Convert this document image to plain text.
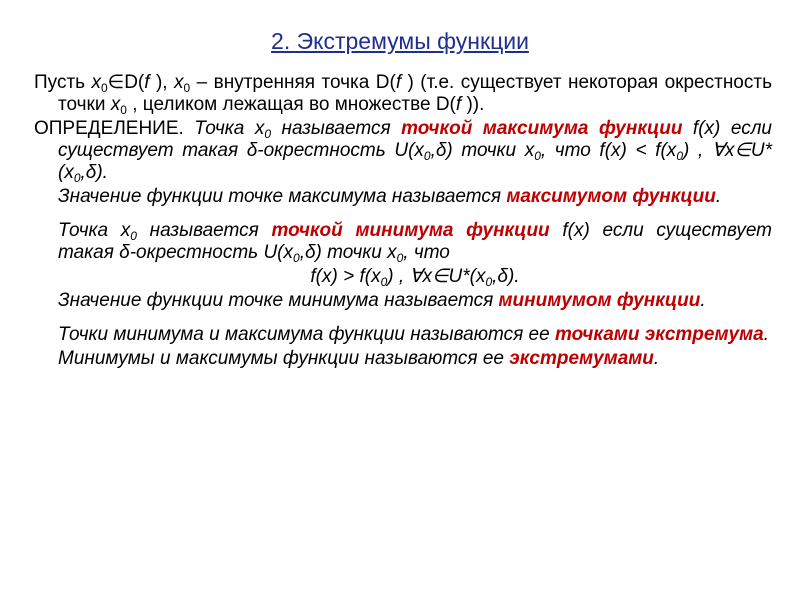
2. Экстремумы функции

Пусть $x_0\in D(f$ ), $x_0$ – внутренняя точка D(f ) (т.е. существует некоторая окрестность точки $x_0$ , целиком лежащая во множестве D(f )).

ОПРЕДЕЛЕНИЕ. Точка $x_0$ называется точкой максимума функции f(x) если существует такая δ-окрестность $U(x_0,\delta)$ точки $x_0$, что $f(x) < f(x_0)$ , $\forall x\in U*(x_0,\delta)$.

Значение функции точке максимума называется максимумом функции.

Точка $x_0$ называется точкой минимума функции f(x) если существует такая δ-окрестность $U(x_0,\delta)$ точки $x_0$, что

$f(x) > f(x_0)$ , $\forall x\in U*(x_0,\delta)$.

Значение функции точке минимума называется минимумом функции.

Точки минимума и максимума функции называются ее точками экстремума.

Минимумы и максимумы функции называются ее экстремумами.
